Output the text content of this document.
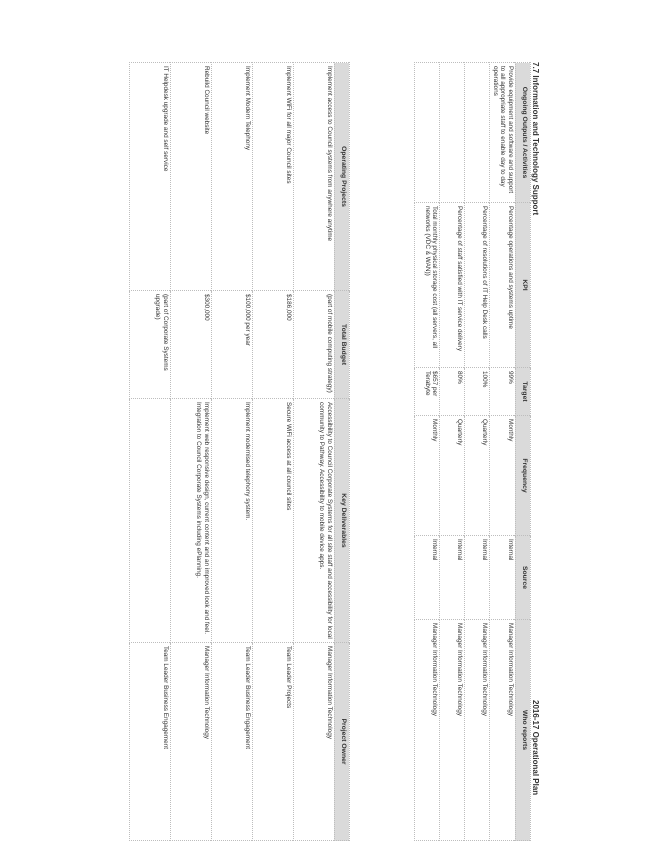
7.7 Information and Technology Support
2016-17 Operational Plan
Ongoing Outputs / Activities	KPI	Target	Frequency	Source	Who reports
Provide equipment and software and support to all appropriate staff to enable day to day operations	Percentage operations and systems uptime	99%	Monthly	Internal	Manager Information Technology
	Percentage of resolutions of IT Help Desk calls	100%	Quarterly	Internal	Manager Information Technology
	Percentage of staff satisfied with IT service delivery	80%	Quarterly	Internal	Manager Information Technology
	Total monthly physical storage cost (all servers, all networks (VDC & WAN))	$657 per Terabyte	Monthly	Internal	Manager Information Technology
Operating Projects	Total Budget	Key Deliverables	Project Owner
Implement access to Council systems from anywhere anytime	(part of mobile computing strategy)	Accessibility to Council Corporate Systems for all site staff and accessibility for local community to Pathway. Accessibility to mobile device apps.	Manager Information Technology
Implement WiFi for all major Council sites	$186,000	Secure WiFi access at all council sites	Team Leader Projects
Implement Modern Telephony	$100,000 per year	Implement modernised telephony system.	Team Leader Business Engagement
Rebuild Council website	$300,000	Implement web responsive design, current content and an improved look and feel. Integration to Council Corporate Systems including ePlanning.	Manager Information Technology
IT Helpdesk upgrade and self service	(part of Corporate Systems upgrade)		Team Leader Business Engagement
